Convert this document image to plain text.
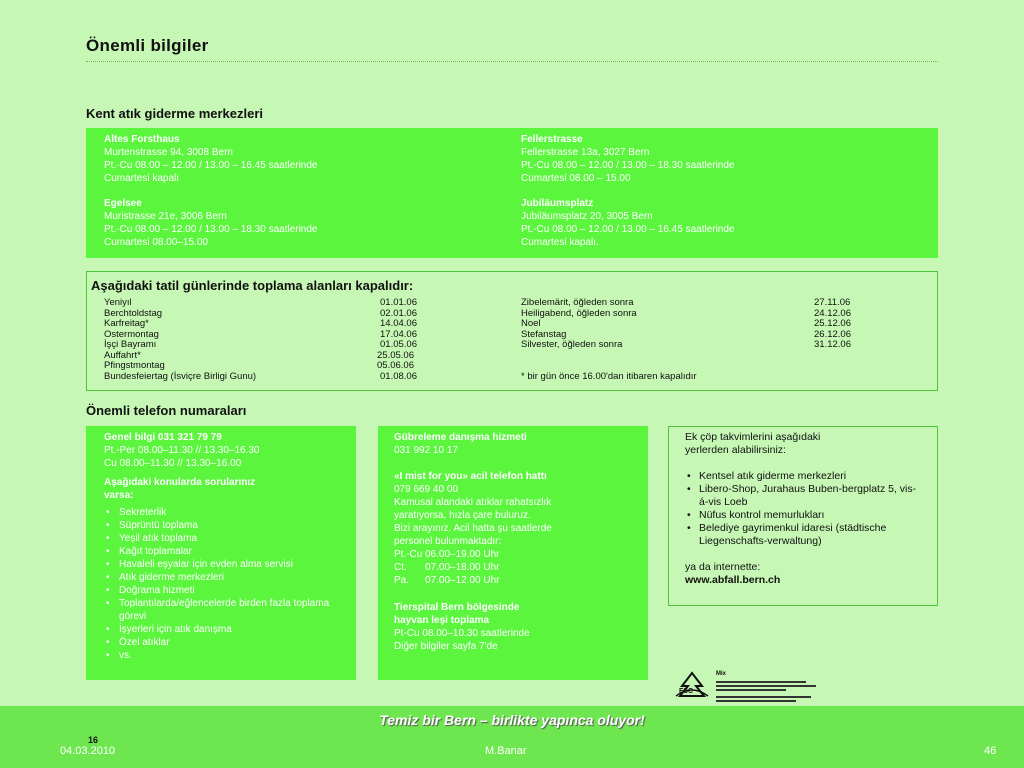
Önemli bilgiler
Kent atık giderme merkezleri
Altes Forsthaus
Murtenstrasse 94, 3008 Bern
Pt.-Cu 08.00 – 12.00 / 13.00 – 16.45 saatlerinde
Cumartesi kapalı
Fellerstrasse
Fellerstrasse 13a, 3027 Bern
Pt.-Cu 08.00 – 12.00 / 13.00 – 18.30 saatlerinde
Cumartesi 08.00 – 15.00
Egelsee
Muristrasse 21e, 3006 Bern
Pt.-Cu 08.00 – 12.00 / 13.00 – 18.30 saatlerinde
Cumartesi 08.00–15.00
Jubiläumsplatz
Jubiläumsplatz 20, 3005 Bern
Pt.-Cu 08.00 – 12.00 / 13.00 – 16.45 saatlerinde
Cumartesi kapalı.
Aşağıdaki tatil günlerinde toplama alanları kapalıdır:
Yeniyıl	01.01.06
Berchtoldstag	02.01.06
Karfreitag*	14.04.06
Ostermontag	17.04.06
İşçi Bayramı	01.05.06
Auffahrt*	25.05.06
Pfingstmontag	05.06.06
Bundesfeiertag (İsviçre Birligi Gunu)	01.08.06
Zibelemärit, öğleden sonra	27.11.06
Heiligabend, öğleden sonra	24.12.06
Noel	25.12.06
Stefanstag	26.12.06
Silvester, öğleden sonra	31.12.06
* bir gün önce 16.00'dan itibaren kapalıdır
Önemli telefon numaraları
Genel bilgi 031 321 79 79
Pt.-Per 08.00–11.30 // 13.30–16.30
Cu 08.00–11.30 // 13.30–16.00
Aşağıdaki konularda sorularınız
varsa:
• Sekreterlik
• Süprüntü toplama
• Yeşil atık toplama
• Kağıt toplamalar
• Havaleli eşyalar için evden alma servisi
• Atık giderme merkezleri
• Doğrama hizmeti
• Toplantılarda/eğlencelerde birden fazla toplama görevi
• İşyerleri için atık danışma
• Özel atıklar
• vs.
Gübreleme danışma hizmeti
031 992 10 17
«I mist for you» acil telefon hattı
079 669 40 00
Kamusal alandaki atıklar rahatsızlık
yaratıyorsa, hızla çare buluruz.
Bizi arayınız. Acil hatta şu saatlerde
personel bulunmaktadır:
Pt.-Cu 06.00–19.00 Uhr
Ct. 07.00–18.00 Uhr
Pa. 07.00–12.00 Uhr
Tierspital Bern bölgesinde
hayvan leşi toplama
Pt-Cu 08.00–10.30 saatlerinde
Diğer bilgiler sayfa 7'de
Ek çöp takvimlerini aşağıdaki
yerlerden alabilirsiniz:
• Kentsel atık giderme merkezleri
• Libero-Shop, Jurahaus Buben-bergplatz 5, vis-á-vis Loeb
• Nüfus kontrol memurlukları
• Belediye gayrimenkul idaresi (städtische Liegenschafts-verwaltung)
ya da internette:
www.abfall.bern.ch
FSC
Mix
Temiz bir Bern – birlikte yapınca oluyor!
16
04.03.2010	M.Banar	46
